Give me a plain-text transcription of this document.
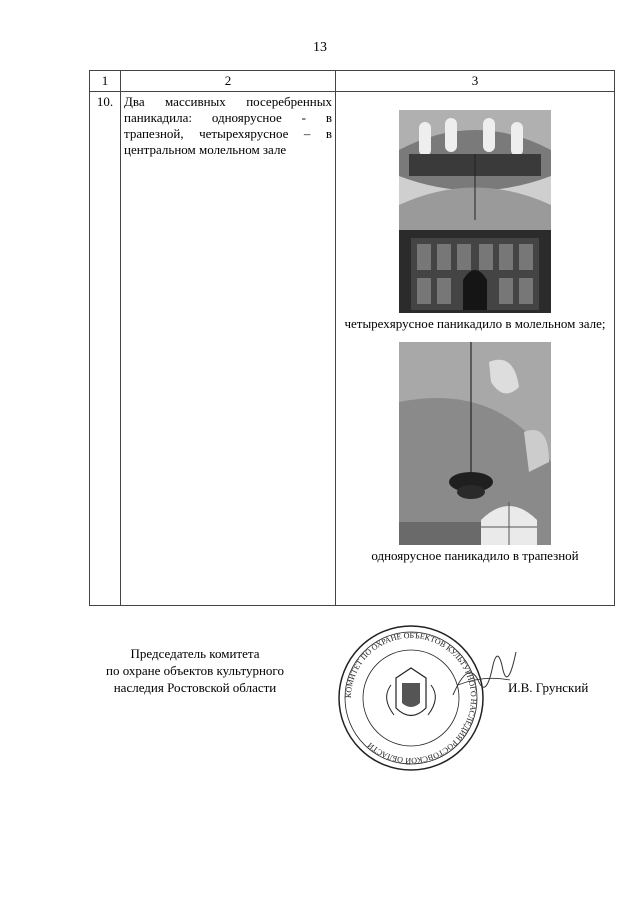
13
1	2	3
10.	Два массивных посеребренных паникадила: одноярусное - в трапезной, четырехярусное – в центральном молельном зале	четырехярусное паникадило в молельном зале;
одноярусное паникадило в трапезной
Председатель комитета
по охране объектов культурного
наследия Ростовской области
КОМИТЕТ ПО ОХРАНЕ ОБЪЕКТОВ КУЛЬТУРНОГО НАСЛЕДИЯ РОСТОВСКОЙ ОБЛАСТИ
И.В. Грунский
